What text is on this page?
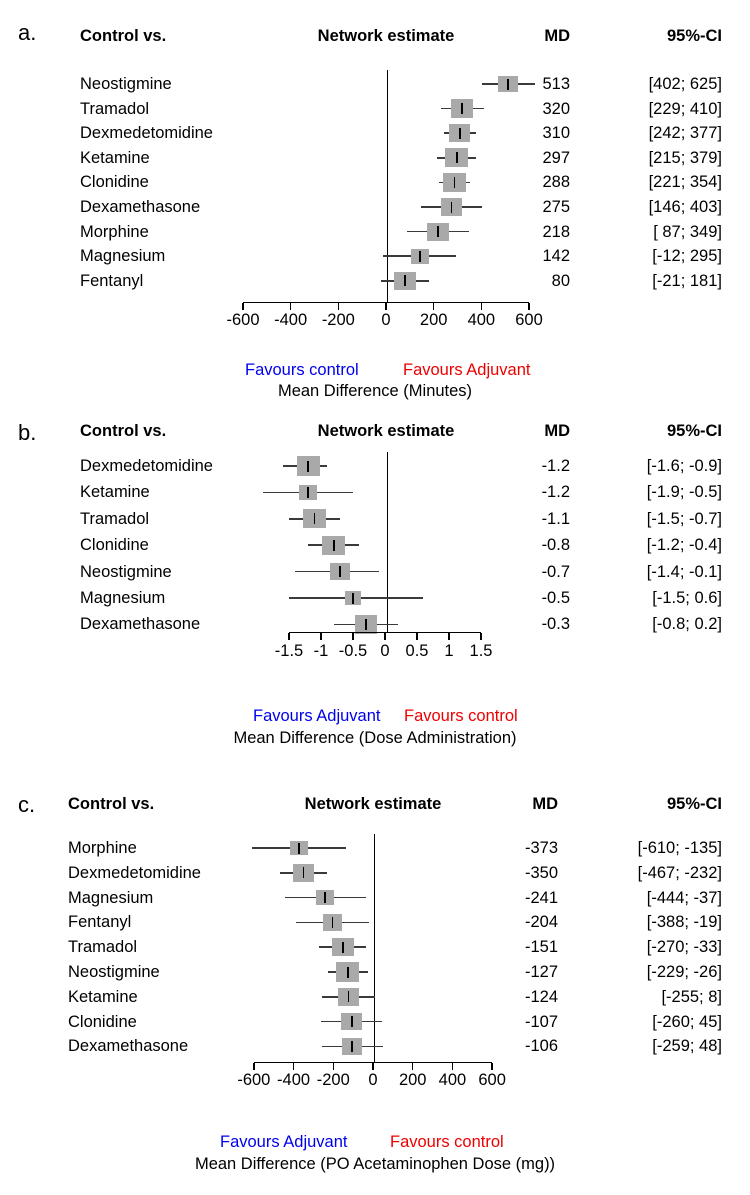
a.	Control vs.	Network estimate	MD	95%-CI
Neostigmine	513	[402; 625]
Tramadol	320	[229; 410]
Dexmedetomidine	310	[242; 377]
Ketamine	297	[215; 379]
Clonidine	288	[221; 354]
Dexamethasone	275	[146; 403]
Morphine	218	[ 87; 349]
Magnesium	142	[-12; 295]
Fentanyl	80	[-21; 181]
-600 -400 -200 0 200 400 600
Favours control	Favours Adjuvant
Mean Difference (Minutes)
b.	Control vs.	Network estimate	MD	95%-CI
Dexmedetomidine	-1.2	[-1.6; -0.9]
Ketamine	-1.2	[-1.9; -0.5]
Tramadol	-1.1	[-1.5; -0.7]
Clonidine	-0.8	[-1.2; -0.4]
Neostigmine	-0.7	[-1.4; -0.1]
Magnesium	-0.5	[-1.5; 0.6]
Dexamethasone	-0.3	[-0.8; 0.2]
-1.5 -1 -0.5 0 0.5 1 1.5
Favours Adjuvant Favours control
Mean Difference (Dose Administration)
c. Control vs.	Network estimate	MD	95%-CI
Morphine	-373	[-610; -135]
Dexmedetomidine	-350	[-467; -232]
Magnesium	-241	[-444; -37]
Fentanyl	-204	[-388; -19]
Tramadol	-151	[-270; -33]
Neostigmine	-127	[-229; -26]
Ketamine	-124	[-255; 8]
Clonidine	-107	[-260; 45]
Dexamethasone	-106	[-259; 48]
-600 -400 -200 0 200 400 600
Favours Adjuvant	Favours control
Mean Difference (PO Acetaminophen Dose (mg))
